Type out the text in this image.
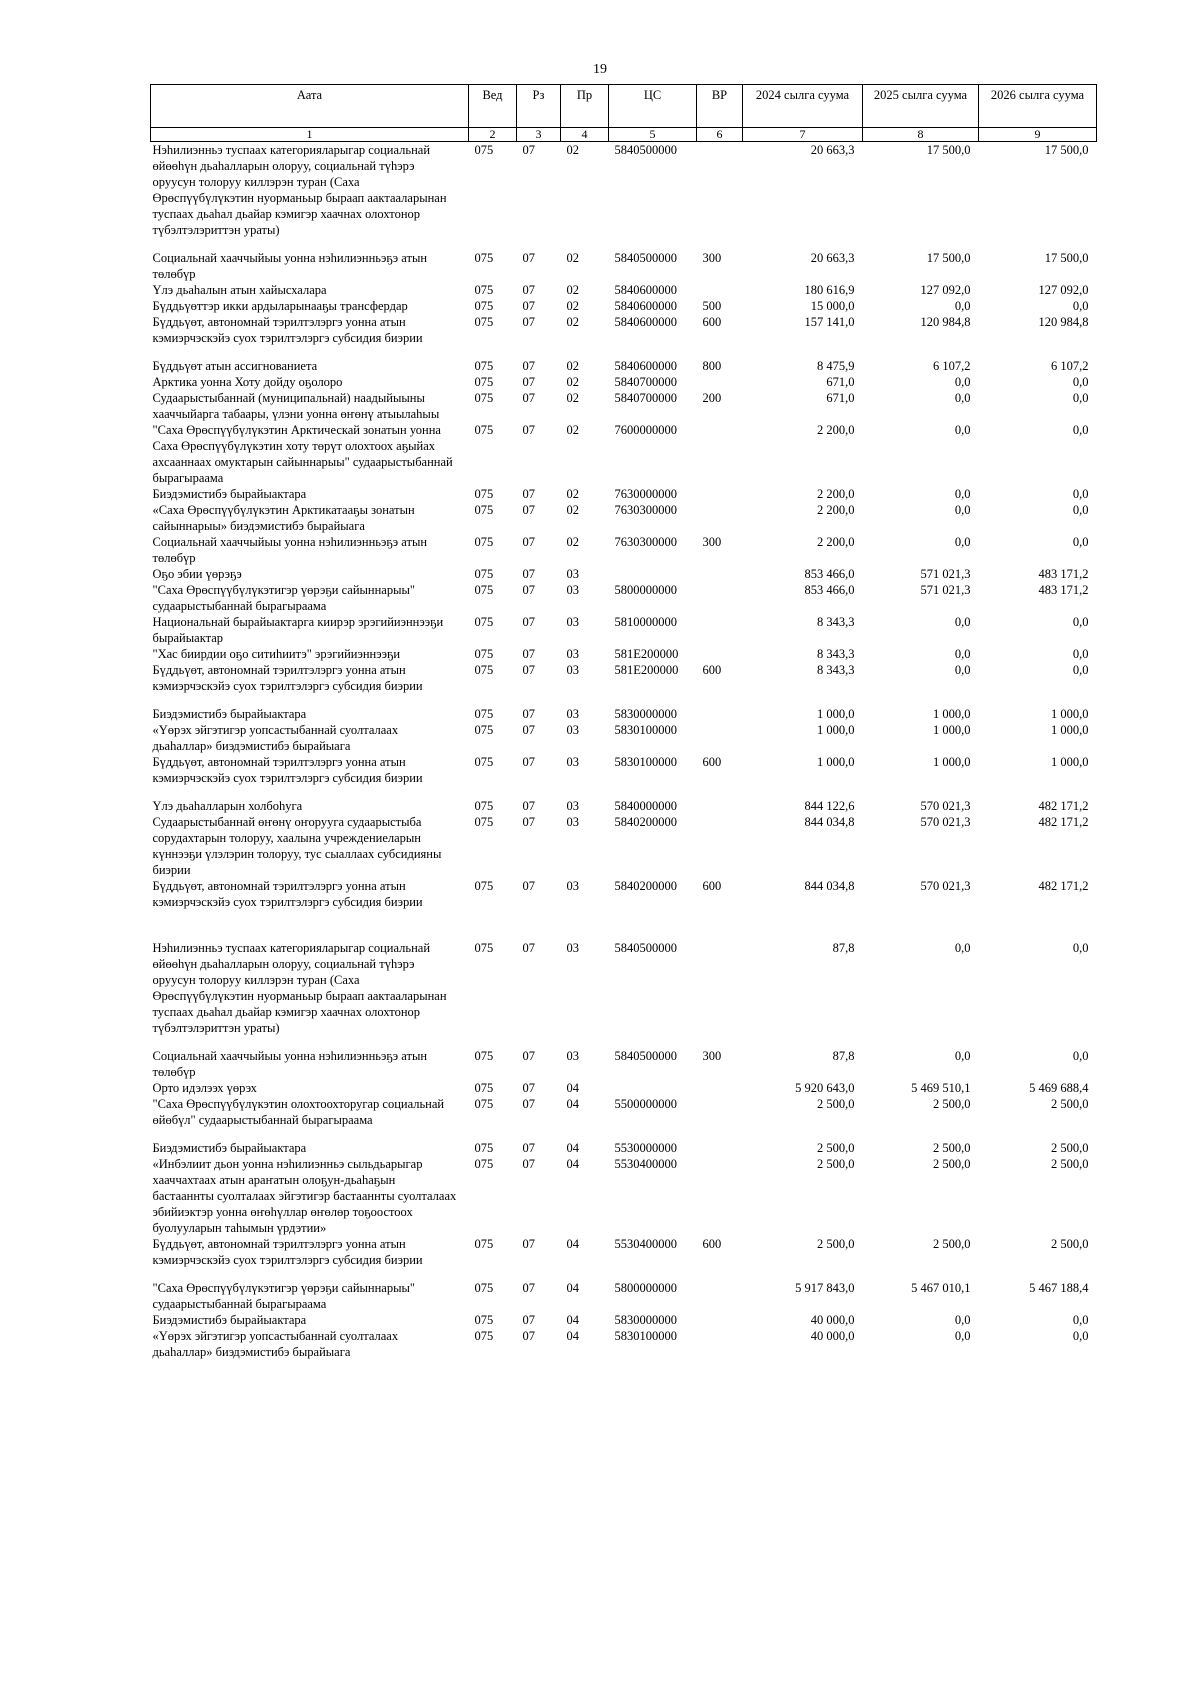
19
Аата	Вед	Рз	Пр	ЦС	ВР	2024 сылга суума	2025 сылга суума	2026 сылга суума
1	2	3	4	5	6	7	8	9
Нэһилиэнньэ туспаах категорияларыгар социальнай өйөөһүн дьаһалларын олоруу, социальнай түһэрэ оруусун толоруу киллэрэн туран (Саха Өрөспүүбүлүкэтин нуорманьыр быраап аактааларынан туспаах дьаһал дьайар кэмигэр хаачнах олохтонор түбэлтэлэриттэн ураты)	075	07	02	5840500000		20 663,3	17 500,0	17 500,0
Социальнай хааччыйыы уонна нэһилиэнньэҕэ атын төлөбүр	075	07	02	5840500000	300	20 663,3	17 500,0	17 500,0
Үлэ дьаһалын атын хайысхалара	075	07	02	5840600000		180 616,9	127 092,0	127 092,0
Бүддьүөттэр икки ардыларынааҕы трансфердар	075	07	02	5840600000	500	15 000,0	0,0	0,0
Бүддьүөт, автономнай тэрилтэлэргэ уонна атын кэмиэрчэскэйэ суох тэрилтэлэргэ субсидия биэрии	075	07	02	5840600000	600	157 141,0	120 984,8	120 984,8
Бүддьүөт атын ассигнованиета	075	07	02	5840600000	800	8 475,9	6 107,2	6 107,2
Арктика уонна Хоту дойду оҕолоро	075	07	02	5840700000		671,0	0,0	0,0
Судаарыстыбаннай (муниципальнай) наадыйыыны хааччыйарга табаары, үлэни уонна өҥөнү атыылаһыы	075	07	02	5840700000	200	671,0	0,0	0,0
"Саха Өрөспүүбүлүкэтин Арктическай зонатын уонна Саха Өрөспүүбүлүкэтин хоту төрүт олохтоох аҕыйах ахсааннаах омуктарын сайыннарыы" судаарыстыбаннай бырагыраама	075	07	02	7600000000		2 200,0	0,0	0,0
Биэдэмистибэ бырайыактара	075	07	02	7630000000		2 200,0	0,0	0,0
«Саха Өрөспүүбүлүкэтин Арктикатааҕы зонатын сайыннарыы» биэдэмистибэ бырайыага	075	07	02	7630300000		2 200,0	0,0	0,0
Социальнай хааччыйыы уонна нэһилиэнньэҕэ атын төлөбүр	075	07	02	7630300000	300	2 200,0	0,0	0,0
Оҕо эбии үөрэҕэ	075	07	03			853 466,0	571 021,3	483 171,2
"Саха Өрөспүүбүлүкэтигэр үөрэҕи сайыннарыы" судаарыстыбаннай бырагыраама	075	07	03	5800000000		853 466,0	571 021,3	483 171,2
Национальнай бырайыактарга киирэр эрэгийиэннээҕи бырайыактар	075	07	03	5810000000		8 343,3	0,0	0,0
"Хас биирдии оҕо ситиһиитэ" эрэгийиэннээҕи	075	07	03	581E200000		8 343,3	0,0	0,0
Бүддьүөт, автономнай тэрилтэлэргэ уонна атын кэмиэрчэскэйэ суох тэрилтэлэргэ субсидия биэрии	075	07	03	581E200000	600	8 343,3	0,0	0,0
Биэдэмистибэ бырайыактара	075	07	03	5830000000		1 000,0	1 000,0	1 000,0
«Үөрэх эйгэтигэр уопсастыбаннай суолталаах дьаһаллар» биэдэмистибэ бырайыага	075	07	03	5830100000		1 000,0	1 000,0	1 000,0
Бүддьүөт, автономнай тэрилтэлэргэ уонна атын кэмиэрчэскэйэ суох тэрилтэлэргэ субсидия биэрии	075	07	03	5830100000	600	1 000,0	1 000,0	1 000,0
Үлэ дьаһалларын холбоһуга	075	07	03	5840000000		844 122,6	570 021,3	482 171,2
Судаарыстыбаннай өҥөнү оҥорууга судаарыстыба сорудахтарын толоруу, хаалына учреждениеларын күннээҕи үлэлэрин толоруу, тус сыаллаах субсидияны биэрии	075	07	03	5840200000		844 034,8	570 021,3	482 171,2
Бүддьүөт, автономнай тэрилтэлэргэ уонна атын кэмиэрчэскэйэ суох тэрилтэлэргэ субсидия биэрии	075	07	03	5840200000	600	844 034,8	570 021,3	482 171,2
Нэһилиэнньэ туспаах категорияларыгар социальнай өйөөһүн дьаһалларын олоруу, социальнай түһэрэ оруусун толоруу киллэрэн туран (Саха Өрөспүүбүлүкэтин нуорманьыр быраап аактааларынан туспаах дьаһал дьайар кэмигэр хаачнах олохтонор түбэлтэлэриттэн ураты)	075	07	03	5840500000		87,8	0,0	0,0
Социальнай хааччыйыы уонна нэһилиэнньэҕэ атын төлөбүр	075	07	03	5840500000	300	87,8	0,0	0,0
Орто идэлээх үөрэх	075	07	04			5 920 643,0	5 469 510,1	5 469 688,4
"Саха Өрөспүүбүлүкэтин олохтоохторугар социальнай өйөбүл" судаарыстыбаннай бырагыраама	075	07	04	5500000000		2 500,0	2 500,0	2 500,0
Биэдэмистибэ бырайыактара	075	07	04	5530000000		2 500,0	2 500,0	2 500,0
«Инбэлиит дьон уонна нэһилиэнньэ сыльдьарыгар хааччахтаах атын араҥатын олоҕун-дьаһаҕын бастааннты суолталаах эйгэтигэр бастааннты суолталаах эбийиэктэр уонна өҥөһүллар өҥөлөр тоҕоостоох буолууларын таһымын үрдэтии»	075	07	04	5530400000		2 500,0	2 500,0	2 500,0
Бүддьүөт, автономнай тэрилтэлэргэ уонна атын кэмиэрчэскэйэ суох тэрилтэлэргэ субсидия биэрии	075	07	04	5530400000	600	2 500,0	2 500,0	2 500,0
"Саха Өрөспүүбүлүкэтигэр үөрэҕи сайыннарыы" судаарыстыбаннай бырагыраама	075	07	04	5800000000		5 917 843,0	5 467 010,1	5 467 188,4
Биэдэмистибэ бырайыактара	075	07	04	5830000000		40 000,0	0,0	0,0
«Үөрэх эйгэтигэр уопсастыбаннай суолталаах дьаһаллар» биэдэмистибэ бырайыага	075	07	04	5830100000		40 000,0	0,0	0,0
